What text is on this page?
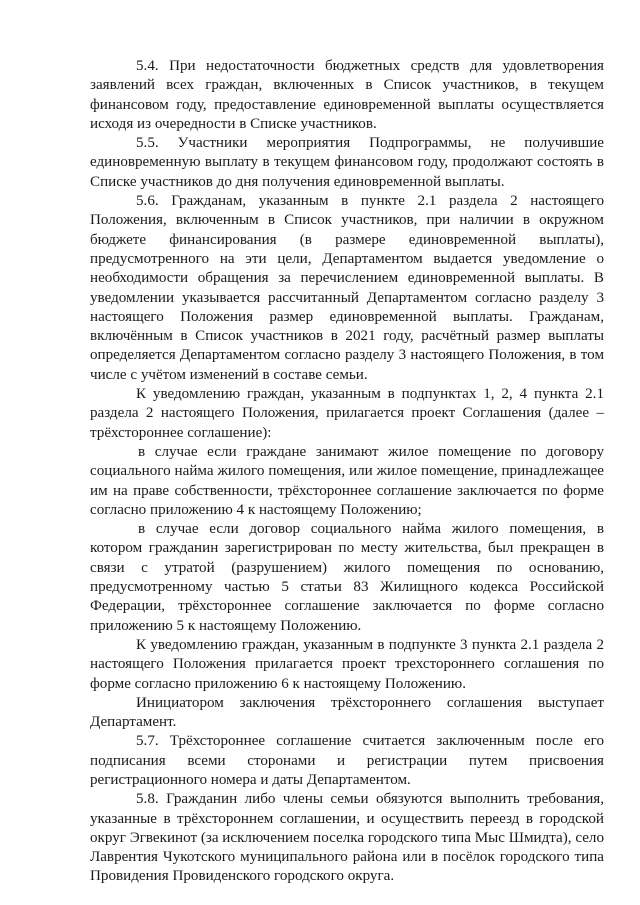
5.4. При недостаточности бюджетных средств для удовлетворения заявлений всех граждан, включенных в Список участников, в текущем финансовом году, предоставление единовременной выплаты осуществляется исходя из очередности в Списке участников.

5.5. Участники мероприятия Подпрограммы, не получившие единовременную выплату в текущем финансовом году, продолжают состоять в Списке участников до дня получения единовременной выплаты.

5.6. Гражданам, указанным в пункте 2.1 раздела 2 настоящего Положения, включенным в Список участников, при наличии в окружном бюджете финансирования (в размере единовременной выплаты), предусмотренного на эти цели, Департаментом выдается уведомление о необходимости обращения за перечислением единовременной выплаты. В уведомлении указывается рассчитанный Департаментом согласно разделу 3 настоящего Положения размер единовременной выплаты. Гражданам, включённым в Список участников в 2021 году, расчётный размер выплаты определяется Департаментом согласно разделу 3 настоящего Положения, в том числе с учётом изменений в составе семьи.

К уведомлению граждан, указанным в подпунктах 1, 2, 4 пункта 2.1 раздела 2 настоящего Положения, прилагается проект Соглашения (далее – трёхстороннее соглашение):

в случае если граждане занимают жилое помещение по договору социального найма жилого помещения, или жилое помещение, принадлежащее им на праве собственности, трёхстороннее соглашение заключается по форме согласно приложению 4 к настоящему Положению;

в случае если договор социального найма жилого помещения, в котором гражданин зарегистрирован по месту жительства, был прекращен в связи с утратой (разрушением) жилого помещения по основанию, предусмотренному частью 5 статьи 83 Жилищного кодекса Российской Федерации, трёхстороннее соглашение заключается по форме согласно приложению 5 к настоящему Положению.

К уведомлению граждан, указанным в подпункте 3 пункта 2.1 раздела 2 настоящего Положения прилагается проект трехстороннего соглашения по форме согласно приложению 6 к настоящему Положению.

Инициатором заключения трёхстороннего соглашения выступает Департамент.

5.7. Трёхстороннее соглашение считается заключенным после его подписания всеми сторонами и регистрации путем присвоения регистрационного номера и даты Департаментом.

5.8. Гражданин либо члены семьи обязуются выполнить требования, указанные в трёхстороннем соглашении, и осуществить переезд в городской округ Эгвекинот (за исключением поселка городского типа Мыс Шмидта), село Лаврентия Чукотского муниципального района или в посёлок городского типа Провидения Провиденского городского округа.
